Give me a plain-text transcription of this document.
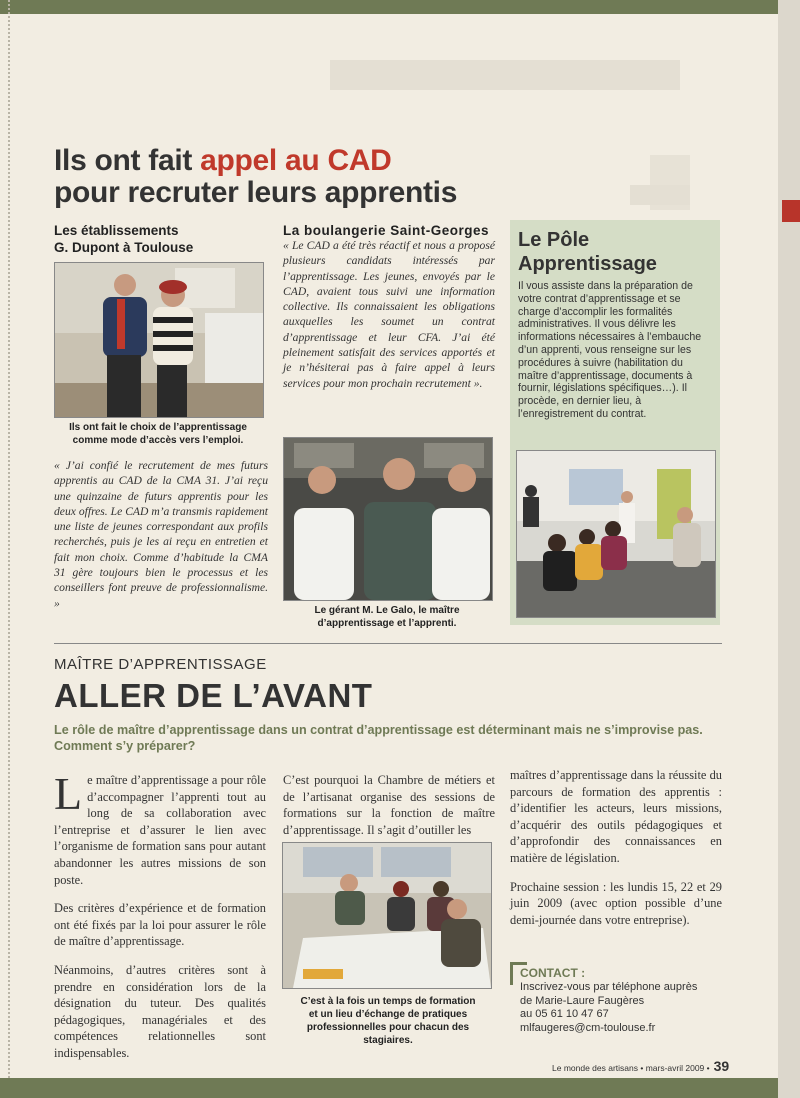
Ils ont fait appel au CAD
pour recruter leurs apprentis
Les établissements
G. Dupont à Toulouse
Ils ont fait le choix de l’apprentissage
comme mode d’accès vers l’emploi.
« J’ai confié le recrutement de mes futurs apprentis au CAD de la CMA 31. J’ai reçu une quinzaine de futurs apprentis pour les deux offres. Le CAD m’a transmis rapidement une liste de jeunes correspondant aux profils recherchés, puis je les ai reçu en entretien et fait mon choix. Comme d’habitude la CMA 31 gère toujours bien le processus et les conseillers font preuve de professionnalisme. »
La boulangerie Saint-Georges
« Le CAD a été très réactif et nous a proposé plusieurs candidats intéressés par l’apprentissage. Les jeunes, envoyés par le CAD, avaient tous suivi une information collective. Ils connaissaient les obligations auxquelles les soumet un contrat d’apprentissage et leur CFA. J’ai été pleinement satisfait des services apportés et je n’hésiterai pas à faire appel à leurs services pour mon prochain recrutement ».
Le gérant M. Le Galo, le maître
d’apprentissage et l’apprenti.
Le Pôle
Apprentissage
Il vous assiste dans la préparation de votre contrat d’apprentissage et se charge d’accomplir les formalités administratives. Il vous délivre les informations nécessaires à l’embauche d’un apprenti, vous renseigne sur les procédures à suivre (habilitation du maître d’apprentissage, documents à fournir, législations spécifiques…). Il procède, en dernier lieu, à l’enregistrement du contrat.
MAÎTRE D’APPRENTISSAGE
ALLER DE L’AVANT
Le rôle de maître d’apprentissage dans un contrat d’apprentissage est déterminant mais ne s’improvise pas. Comment s’y préparer?

Le maître d’apprentissage a pour rôle d’accompagner l’apprenti tout au long de sa collaboration avec l’entreprise et d’assurer le lien avec l’organisme de formation sans pour autant abandonner les autres missions de son poste.

Des critères d’expérience et de formation ont été fixés par la loi pour assurer le rôle de maître d’apprentissage.

Néanmoins, d’autres critères sont à prendre en considération lors de la désignation du tuteur. Des qualités pédagogiques, managériales et des compétences relationnelles sont indispensables.

C’est pourquoi la Chambre de métiers et de l’artisanat organise des sessions de formations sur la fonction de maître d’apprentissage. Il s’agit d’outiller les

C’est à la fois un temps de formation
et un lieu d’échange de pratiques
professionnelles pour chacun des stagiaires.

maîtres d’apprentissage dans la réussite du parcours de formation des apprentis : d’identifier les acteurs, leurs missions, d’acquérir des outils pédagogiques et d’approfondir des connaissances en matière de législation.

Prochaine session : les lundis 15, 22 et 29 juin 2009 (avec option possible d’une demi-journée dans votre entreprise).

CONTACT :
Inscrivez-vous par téléphone auprès
de Marie-Laure Faugères
au 05 61 10 47 67
mlfaugeres@cm-toulouse.fr
Le monde des artisans • mars-avril 2009 • 39
